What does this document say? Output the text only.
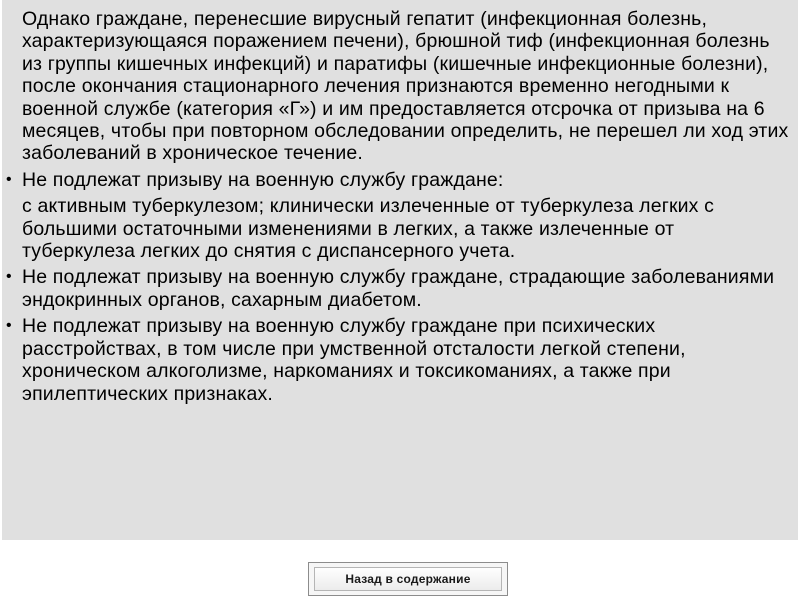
Однако граждане, перенесшие вирусный гепатит (инфекционная болезнь, характеризующаяся поражением печени), брюшной тиф (инфекционная болезнь из группы кишечных инфекций) и паратифы (кишечные инфекционные болезни), после окончания стационарного лечения признаются временно негодными к военной службе (категория «Г») и им предоставляется отсрочка от призыва на 6 месяцев, чтобы при повторном обследовании определить, не перешел ли ход этих заболеваний в хроническое течение.

• Не подлежат призыву на военную службу граждане:

с активным туберкулезом; клинически излеченные от туберкулеза легких с большими остаточными изменениями в легких, а также излеченные от туберкулеза легких до снятия с диспансерного учета.

• Не подлежат призыву на военную службу граждане, страдающие заболеваниями эндокринных органов, сахарным диабетом.

• Не подлежат призыву на военную службу граждане при психических расстройствах, в том числе при умственной отсталости легкой степени, хроническом алкоголизме, наркоманиях и токсикоманиях, а также при эпилептических признаках.

Назад в содержание
